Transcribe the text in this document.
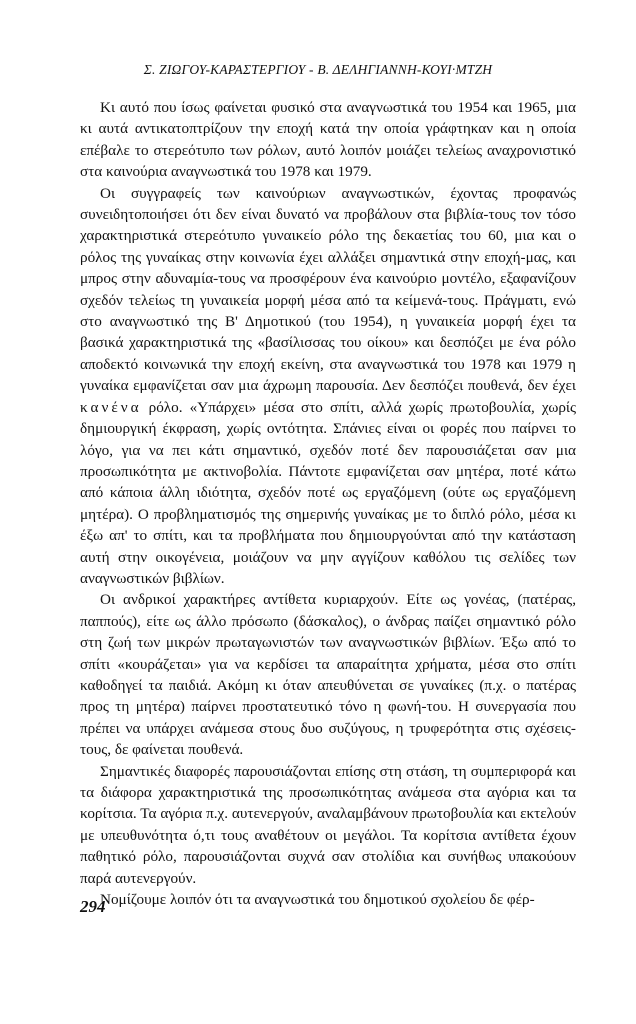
Σ. ΖΙΩΓΟΥ-ΚΑΡΑΣΤΕΡΓΙΟΥ - Β. ΔΕΛΗΓΙΑΝΝΗ-ΚΟΥΙ·ΜΤΖΗ

Κι αυτό που ίσως φαίνεται φυσικό στα αναγνωστικά του 1954 και 1965, μια κι αυτά αντικατοπτρίζουν την εποχή κατά την οποία γράφτηκαν και η οποία επέβαλε το στερεότυπο των ρόλων, αυτό λοιπόν μοιάζει τελείως αναχρονιστικό στα καινούρια αναγνωστικά του 1978 και 1979.

Οι συγγραφείς των καινούριων αναγνωστικών, έχοντας προφανώς συνειδητοποιήσει ότι δεν είναι δυνατό να προβάλουν στα βιβλία-τους τον τόσο χαρακτηριστικά στερεότυπο γυναικείο ρόλο της δεκαετίας του 60, μια και ο ρόλος της γυναίκας στην κοινωνία έχει αλλάξει σημαντικά στην εποχή-μας, και μπρος στην αδυναμία-τους να προσφέρουν ένα καινούριο μοντέλο, εξαφανίζουν σχεδόν τελείως τη γυναικεία μορφή μέσα από τα κείμενά-τους. Πράγματι, ενώ στο αναγνωστικό της Β' Δημοτικού (του 1954), η γυναικεία μορφή έχει τα βασικά χαρακτηριστικά της «βασίλισσας του οίκου» και δεσπόζει με ένα ρόλο αποδεκτό κοινωνικά την εποχή εκείνη, στα αναγνωστικά του 1978 και 1979 η γυναίκα εμφανίζεται σαν μια άχρωμη παρουσία. Δεν δεσπόζει πουθενά, δεν έχει κανένα ρόλο. «Υπάρχει» μέσα στο σπίτι, αλλά χωρίς πρωτοβουλία, χωρίς δημιουργική έκφραση, χωρίς οντότητα. Σπάνιες είναι οι φορές που παίρνει το λόγο, για να πει κάτι σημαντικό, σχεδόν ποτέ δεν παρουσιάζεται σαν μια προσωπικότητα με ακτινοβολία. Πάντοτε εμφανίζεται σαν μητέρα, ποτέ κάτω από κάποια άλλη ιδιότητα, σχεδόν ποτέ ως εργαζόμενη (ούτε ως εργαζόμενη μητέρα). Ο προβληματισμός της σημερινής γυναίκας με το διπλό ρόλο, μέσα κι έξω απ' το σπίτι, και τα προβλήματα που δημιουργούνται από την κατάσταση αυτή στην οικογένεια, μοιάζουν να μην αγγίζουν καθόλου τις σελίδες των αναγνωστικών βιβλίων.

Οι ανδρικοί χαρακτήρες αντίθετα κυριαρχούν. Είτε ως γονέας, (πατέρας, παππούς), είτε ως άλλο πρόσωπο (δάσκαλος), ο άνδρας παίζει σημαντικό ρόλο στη ζωή των μικρών πρωταγωνιστών των αναγνωστικών βιβλίων. Έξω από το σπίτι «κουράζεται» για να κερδίσει τα απαραίτητα χρήματα, μέσα στο σπίτι καθοδηγεί τα παιδιά. Ακόμη κι όταν απευθύνεται σε γυναίκες (π.χ. ο πατέρας προς τη μητέρα) παίρνει προστατευτικό τόνο η φωνή-του. Η συνεργασία που πρέπει να υπάρχει ανάμεσα στους δυο συζύγους, η τρυφερότητα στις σχέσεις-τους, δε φαίνεται πουθενά.

Σημαντικές διαφορές παρουσιάζονται επίσης στη στάση, τη συμπεριφορά και τα διάφορα χαρακτηριστικά της προσωπικότητας ανάμεσα στα αγόρια και τα κορίτσια. Τα αγόρια π.χ. αυτενεργούν, αναλαμβάνουν πρωτοβουλία και εκτελούν με υπευθυνότητα ό,τι τους αναθέτουν οι μεγάλοι. Τα κορίτσια αντίθετα έχουν παθητικό ρόλο, παρουσιάζονται συχνά σαν στολίδια και συνήθως υπακούουν παρά αυτενεργούν.

Νομίζουμε λοιπόν ότι τα αναγνωστικά του δημοτικού σχολείου δε φέρ-

294
